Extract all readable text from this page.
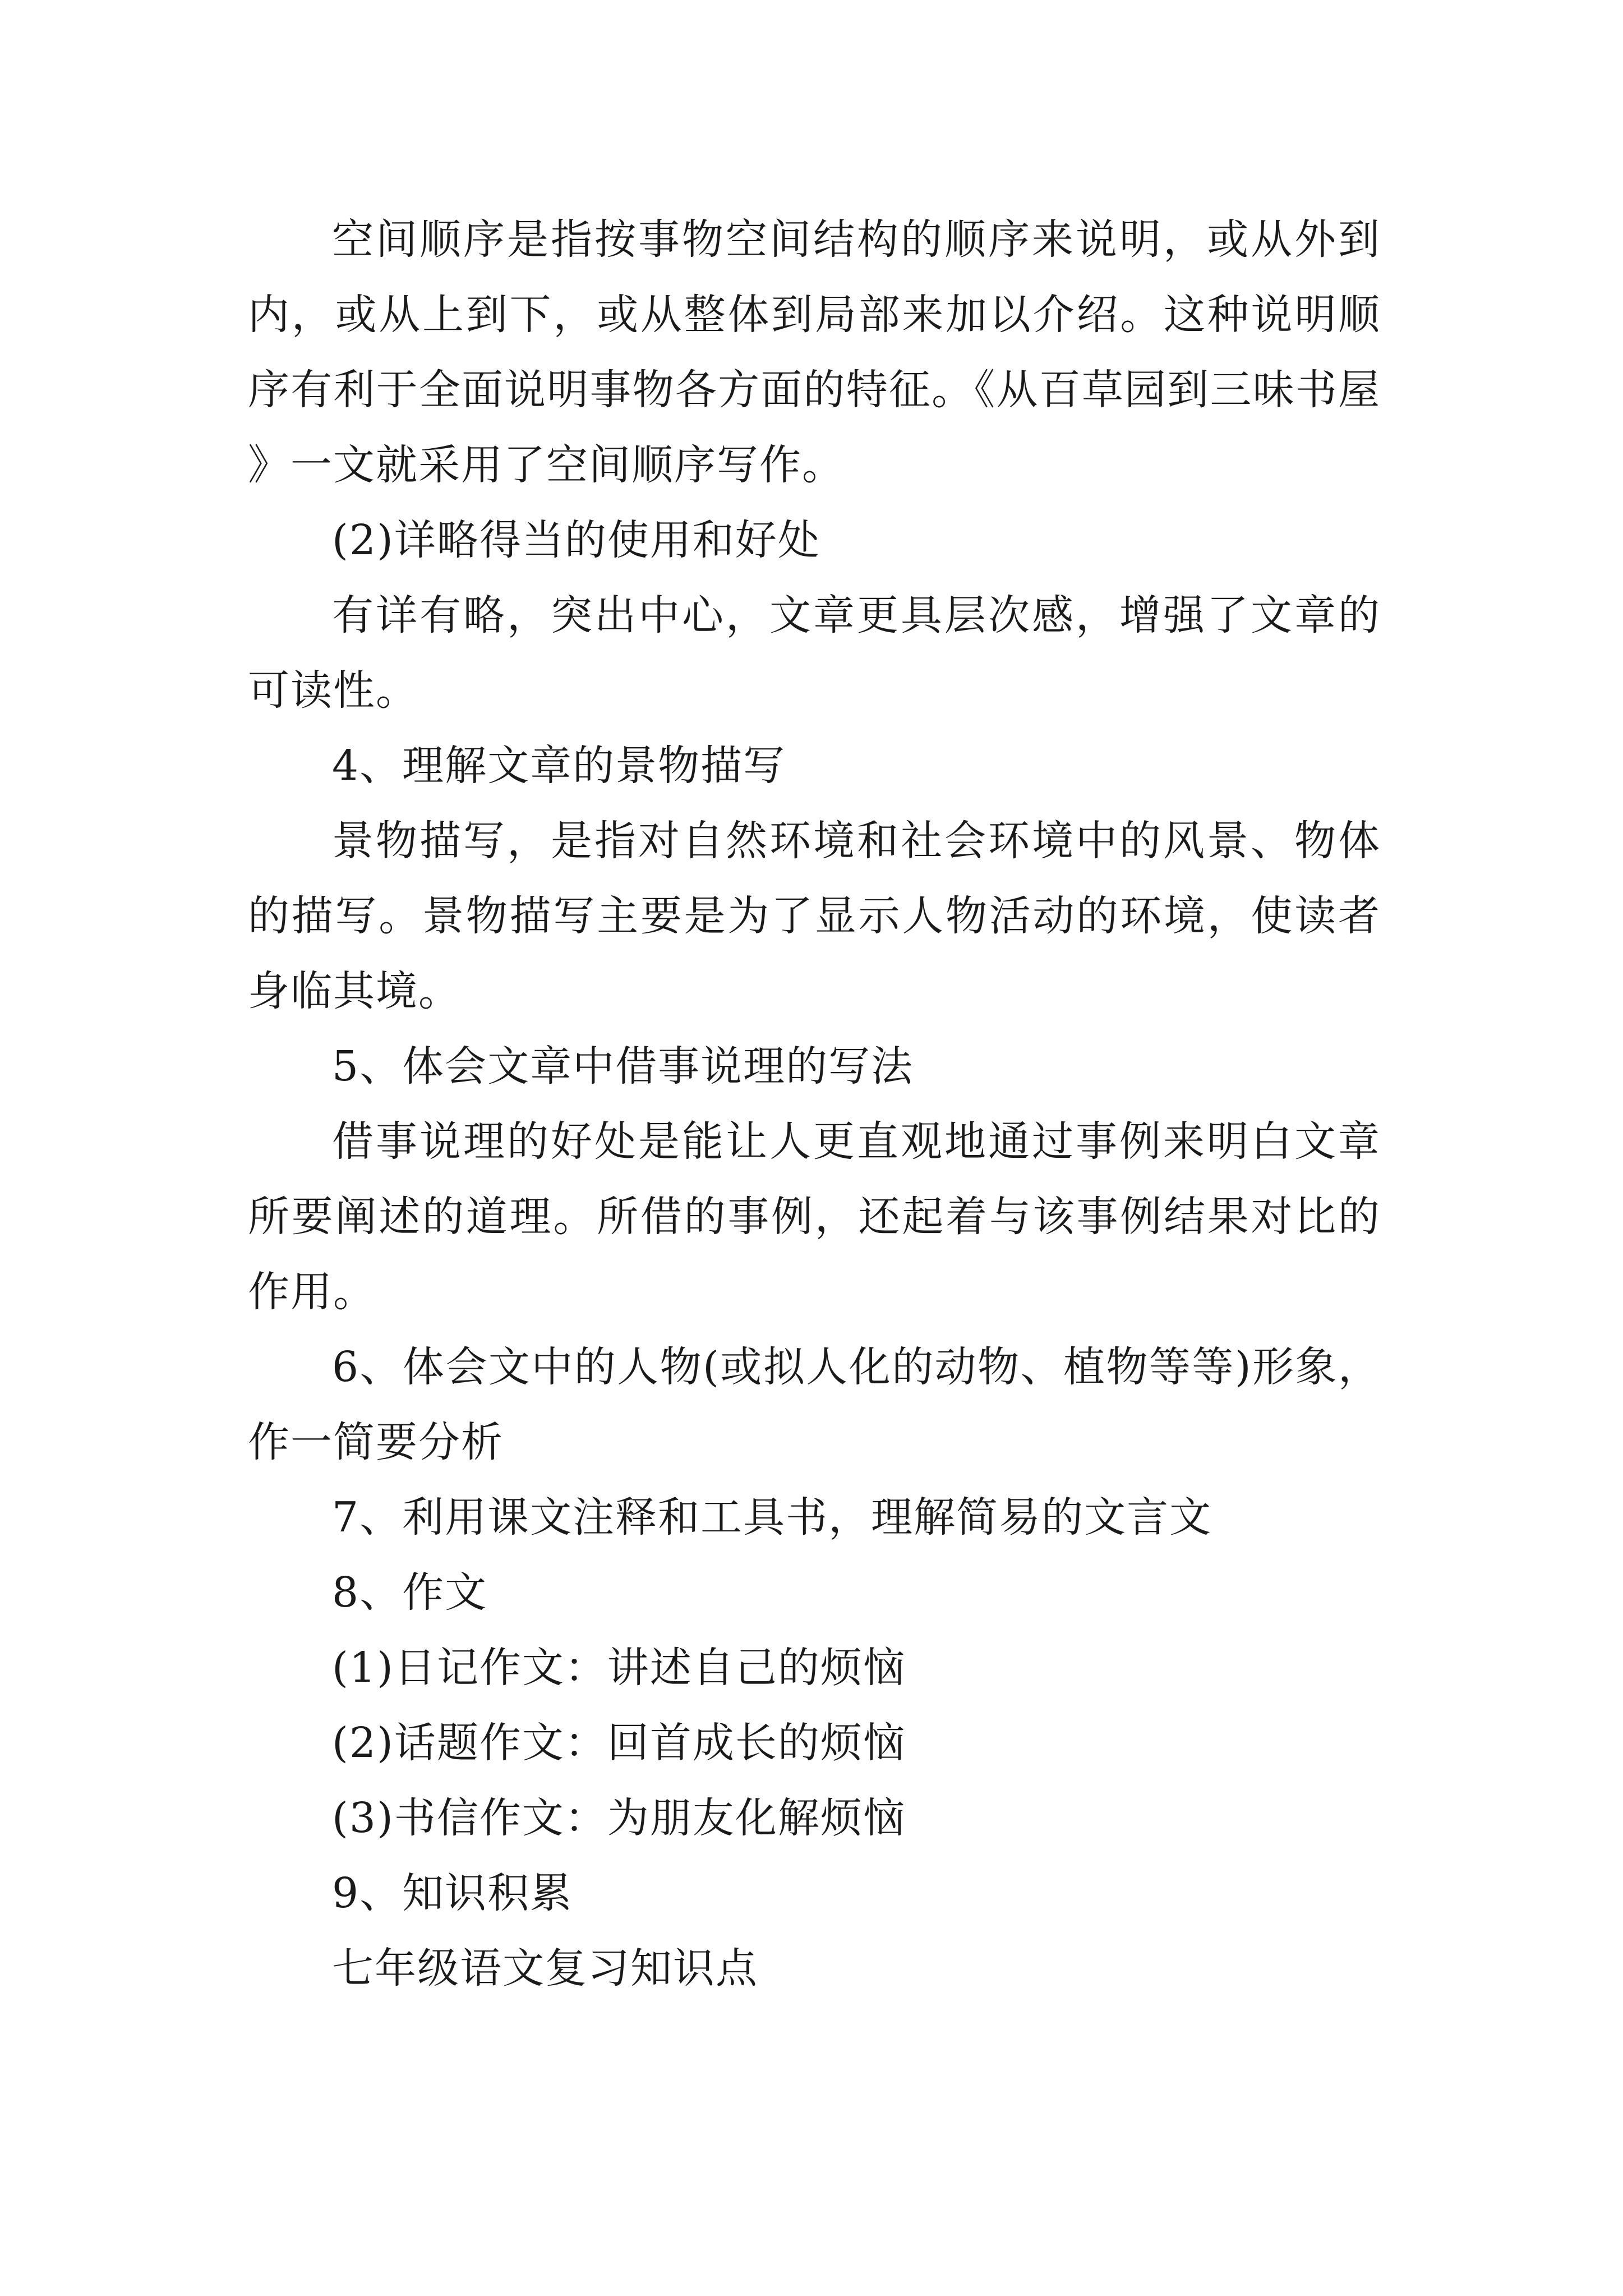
空间顺序是指按事物空间结构的顺序来说明，或从外到内，或从上到下，或从整体到局部来加以介绍。这种说明顺序有利于全面说明事物各方面的特征。《从百草园到三味书屋》一文就采用了空间顺序写作。

(2)详略得当的使用和好处

有详有略，突出中心，文章更具层次感，增强了文章的可读性。

4、理解文章的景物描写

景物描写，是指对自然环境和社会环境中的风景、物体的描写。景物描写主要是为了显示人物活动的环境，使读者身临其境。

5、体会文章中借事说理的写法

借事说理的好处是能让人更直观地通过事例来明白文章所要阐述的道理。所借的事例，还起着与该事例结果对比的作用。

6、体会文中的人物(或拟人化的动物、植物等等)形象，作一简要分析

7、利用课文注释和工具书，理解简易的文言文

8、作文

(1)日记作文：讲述自己的烦恼

(2)话题作文：回首成长的烦恼

(3)书信作文：为朋友化解烦恼

9、知识积累

七年级语文复习知识点
